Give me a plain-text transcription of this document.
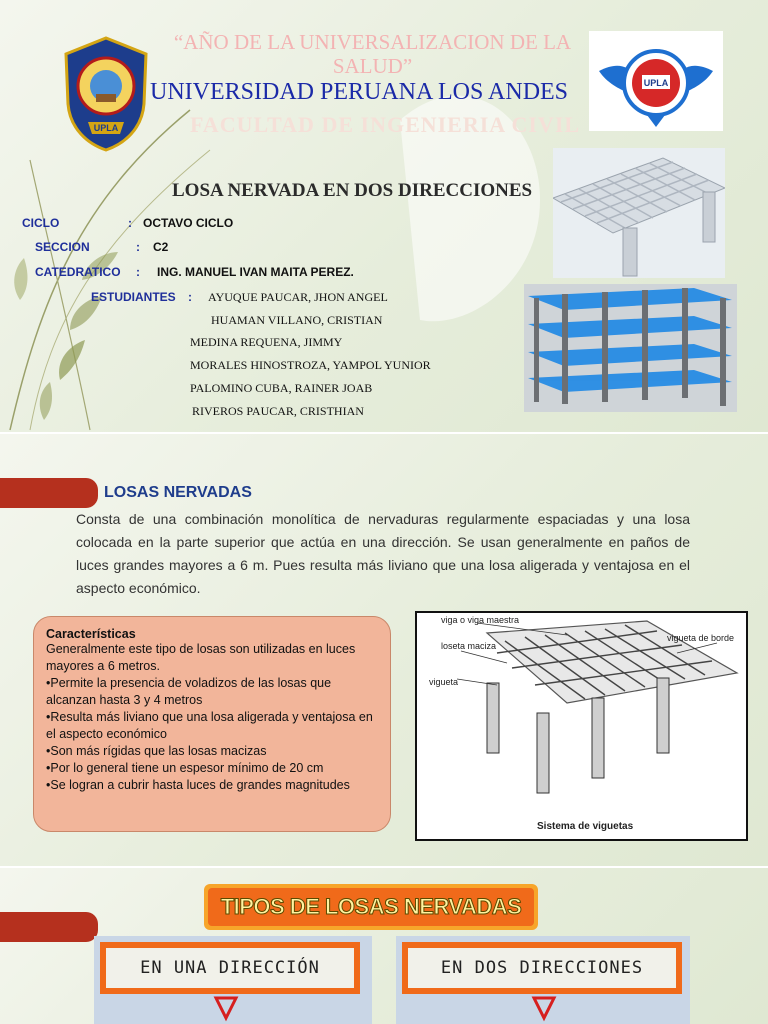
UPLA
UPLA
“AÑO DE LA UNIVERSALIZACION DE LA SALUD”
UNIVERSIDAD PERUANA LOS ANDES
FACULTAD DE INGENIERIA CIVIL
LOSA NERVADA EN DOS DIRECCIONES
CICLO	: OCTAVO CICLO
SECCION	: C2
CATEDRATICO : ING. MANUEL IVAN MAITA PEREZ.
ESTUDIANTES : AYUQUE PAUCAR, JHON ANGEL
HUAMAN VILLANO, CRISTIAN
MEDINA REQUENA, JIMMY
MORALES HINOSTROZA, YAMPOL YUNIOR
PALOMINO CUBA, RAINER JOAB
RIVEROS PAUCAR, CRISTHIAN
LOSAS NERVADAS
Consta de una combinación monolítica de nervaduras regularmente espaciadas y una losa colocada en la parte superior que actúa en una dirección. Se usan generalmente en paños de luces grandes mayores a 6 m. Pues resulta más liviano que una losa aligerada y ventajosa en el aspecto económico.
Características
Generalmente este tipo de losas son utilizadas en luces mayores a 6 metros.
•Permite la presencia de voladizos de las losas que alcanzan hasta 3 y 4 metros
•Resulta más liviano que una losa aligerada y ventajosa en el aspecto económico
•Son más rígidas que las losas macizas
•Por lo general tiene un espesor mínimo de 20 cm
•Se logran a cubrir hasta luces de grandes magnitudes
viga o viga maestra
loseta maciza
vigueta
vigueta de borde
Sistema de viguetas
TIPOS DE LOSAS NERVADAS
EN UNA DIRECCIÓN	EN DOS DIRECCIONES
